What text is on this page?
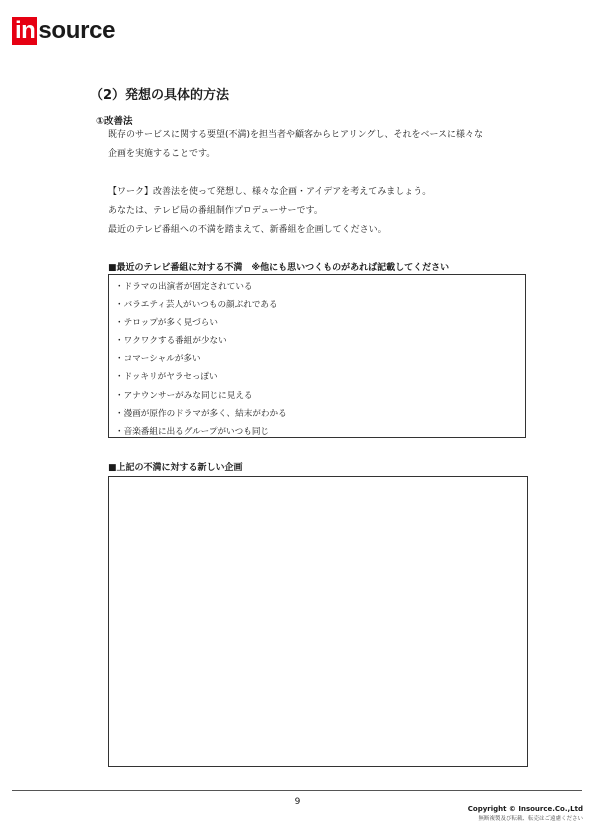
in source
（2）発想の具体的方法
①改善法

既存のサービスに関する要望(不満)を担当者や顧客からヒアリングし、それをベースに様々な
企画を実施することです。

【ワーク】改善法を使って発想し、様々な企画・アイデアを考えてみましょう。
あなたは、テレビ局の番組制作プロデューサーです。
最近のテレビ番組への不満を踏まえて、新番組を企画してください。

■最近のテレビ番組に対する不満　※他にも思いつくものがあれば記載してください

・ドラマの出演者が固定されている
・バラエティ芸人がいつもの顔ぶれである
・テロップが多く見づらい
・ワクワクする番組が少ない
・コマーシャルが多い
・ドッキリがヤラセっぽい
・アナウンサーがみな同じに見える
・漫画が原作のドラマが多く、結末がわかる
・音楽番組に出るグループがいつも同じ

■上記の不満に対する新しい企画

9
Copyright © Insource.Co.,Ltd
無断複製及び転載、転売はご遠慮ください
